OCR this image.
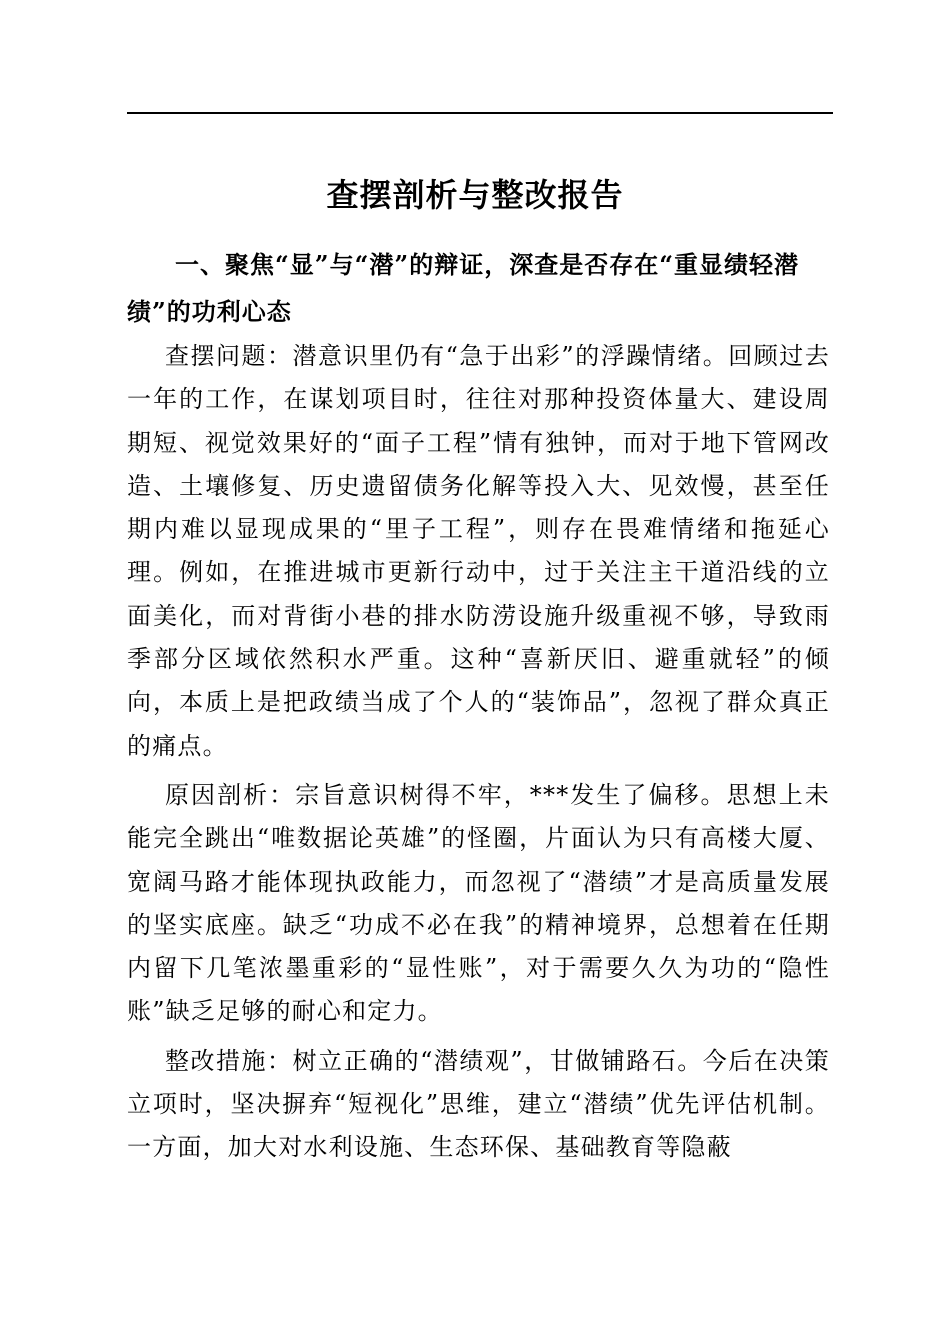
查摆剖析与整改报告

一、聚焦“显”与“潜”的辩证，深查是否存在“重显绩轻潜绩”的功利心态

查摆问题：潜意识里仍有“急于出彩”的浮躁情绪。回顾过去一年的工作，在谋划项目时，往往对那种投资体量大、建设周期短、视觉效果好的“面子工程”情有独钟，而对于地下管网改造、土壤修复、历史遗留债务化解等投入大、见效慢，甚至任期内难以显现成果的“里子工程”，则存在畏难情绪和拖延心理。例如，在推进城市更新行动中，过于关注主干道沿线的立面美化，而对背街小巷的排水防涝设施升级重视不够，导致雨季部分区域依然积水严重。这种“喜新厌旧、避重就轻”的倾向，本质上是把政绩当成了个人的“装饰品”，忽视了群众真正的痛点。

原因剖析：宗旨意识树得不牢，***发生了偏移。思想上未能完全跳出“唯数据论英雄”的怪圈，片面认为只有高楼大厦、宽阔马路才能体现执政能力，而忽视了“潜绩”才是高质量发展的坚实底座。缺乏“功成不必在我”的精神境界，总想着在任期内留下几笔浓墨重彩的“显性账”，对于需要久久为功的“隐性账”缺乏足够的耐心和定力。

整改措施：树立正确的“潜绩观”，甘做铺路石。今后在决策立项时，坚决摒弃“短视化”思维，建立“潜绩”优先评估机制。一方面，加大对水利设施、生态环保、基础教育等隐蔽
